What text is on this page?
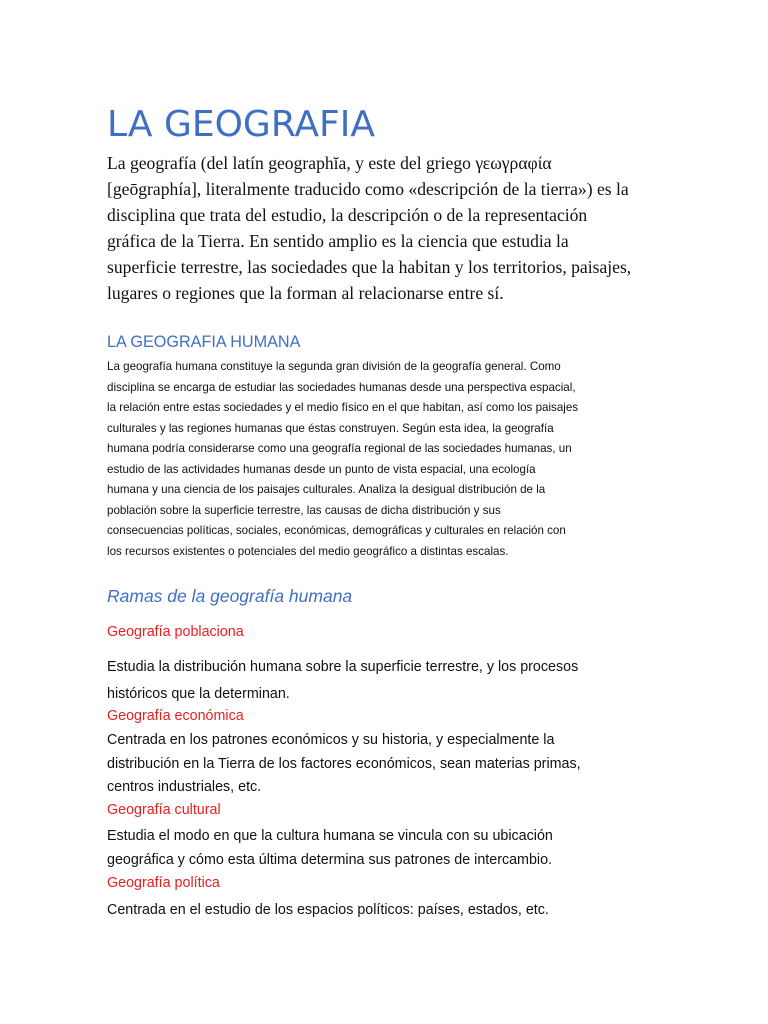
LA GEOGRAFIA

La geografía (del latín geographĭa, y este del griego γεωγραφία
[geōgraphía], literalmente traducido como «descripción de la tierra») es la
disciplina que trata del estudio, la descripción o de la representación
gráfica de la Tierra. En sentido amplio es la ciencia que estudia la
superficie terrestre, las sociedades que la habitan y los territorios, paisajes,
lugares o regiones que la forman al relacionarse entre sí.

LA GEOGRAFIA HUMANA

La geografía humana constituye la segunda gran división de la geografía general. Como
disciplina se encarga de estudiar las sociedades humanas desde una perspectiva espacial,
la relación entre estas sociedades y el medio físico en el que habitan, así como los paisajes
culturales y las regiones humanas que éstas construyen. Según esta idea, la geografía
humana podría considerarse como una geografía regional de las sociedades humanas, un
estudio de las actividades humanas desde un punto de vista espacial, una ecología
humana y una ciencia de los paisajes culturales. Analiza la desigual distribución de la
población sobre la superficie terrestre, las causas de dicha distribución y sus
consecuencias políticas, sociales, económicas, demográficas y culturales en relación con
los recursos existentes o potenciales del medio geográfico a distintas escalas.

Ramas de la geografía humana
Geografía poblaciona

Estudia la distribución humana sobre la superficie terrestre, y los procesos
históricos que la determinan.

Geografía económica

Centrada en los patrones económicos y su historia, y especialmente la
distribución en la Tierra de los factores económicos, sean materias primas,
centros industriales, etc.

Geografía cultural

Estudia el modo en que la cultura humana se vincula con su ubicación
geográfica y cómo esta última determina sus patrones de intercambio.

Geografía política

Centrada en el estudio de los espacios políticos: países, estados, etc.
